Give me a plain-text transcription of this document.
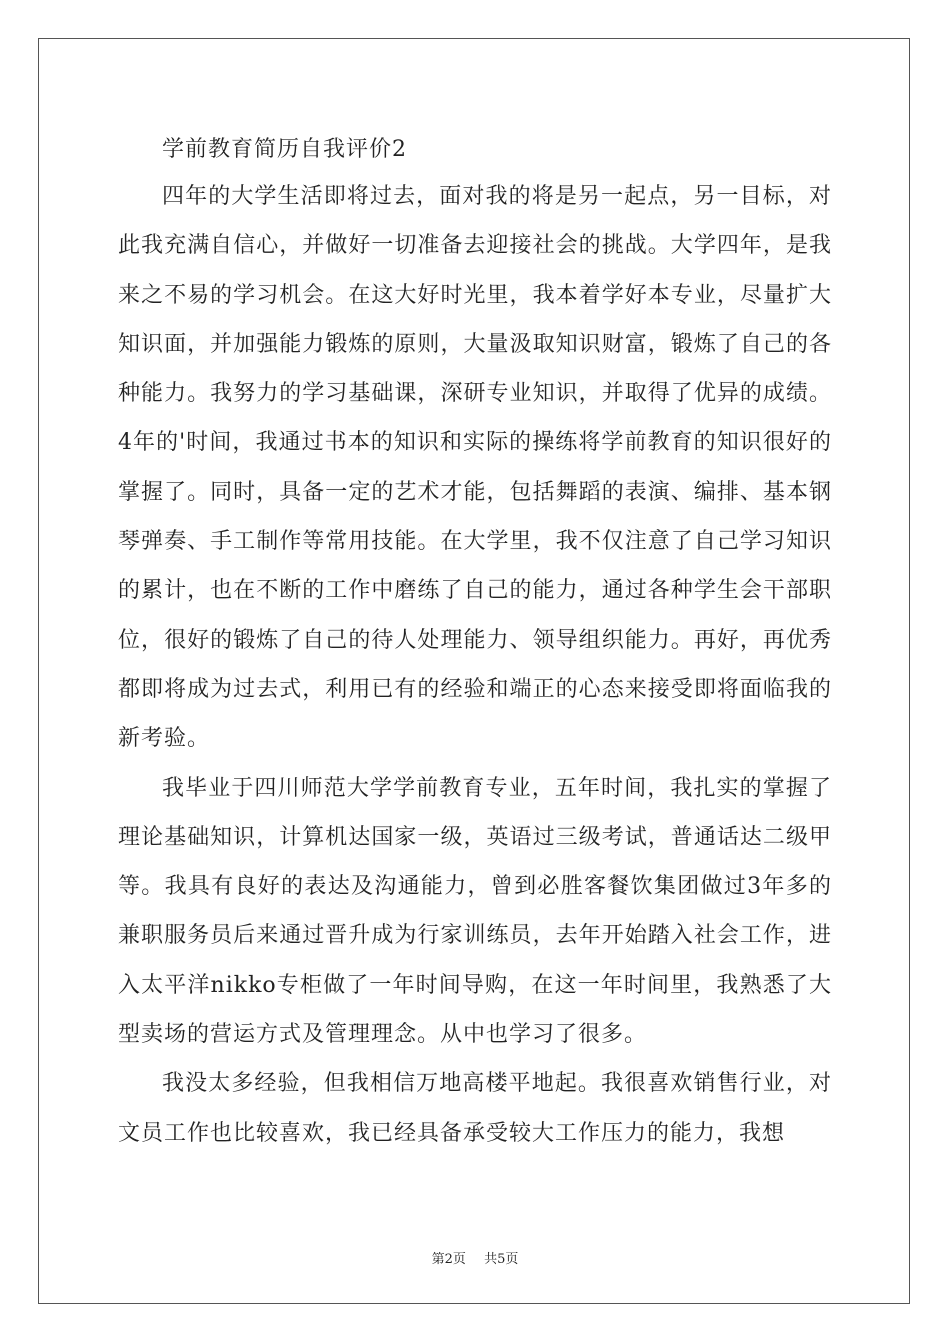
学前教育简历自我评价2

四年的大学生活即将过去，面对我的将是另一起点，另一目标，对此我充满自信心，并做好一切准备去迎接社会的挑战。大学四年，是我来之不易的学习机会。在这大好时光里，我本着学好本专业，尽量扩大知识面，并加强能力锻炼的原则，大量汲取知识财富，锻炼了自己的各种能力。我努力的学习基础课，深研专业知识，并取得了优异的成绩。4年的'时间，我通过书本的知识和实际的操练将学前教育的知识很好的掌握了。同时，具备一定的艺术才能，包括舞蹈的表演、编排、基本钢琴弹奏、手工制作等常用技能。在大学里，我不仅注意了自己学习知识的累计，也在不断的工作中磨练了自己的能力，通过各种学生会干部职位，很好的锻炼了自己的待人处理能力、领导组织能力。再好，再优秀都即将成为过去式，利用已有的经验和端正的心态来接受即将面临我的新考验。

我毕业于四川师范大学学前教育专业，五年时间，我扎实的掌握了理论基础知识，计算机达国家一级，英语过三级考试，普通话达二级甲等。我具有良好的表达及沟通能力，曾到必胜客餐饮集团做过3年多的兼职服务员后来通过晋升成为行家训练员，去年开始踏入社会工作，进入太平洋nikko专柜做了一年时间导购，在这一年时间里，我熟悉了大型卖场的营运方式及管理理念。从中也学习了很多。

我没太多经验，但我相信万地高楼平地起。我很喜欢销售行业，对文员工作也比较喜欢，我已经具备承受较大工作压力的能力，我想

第2页 共5页
